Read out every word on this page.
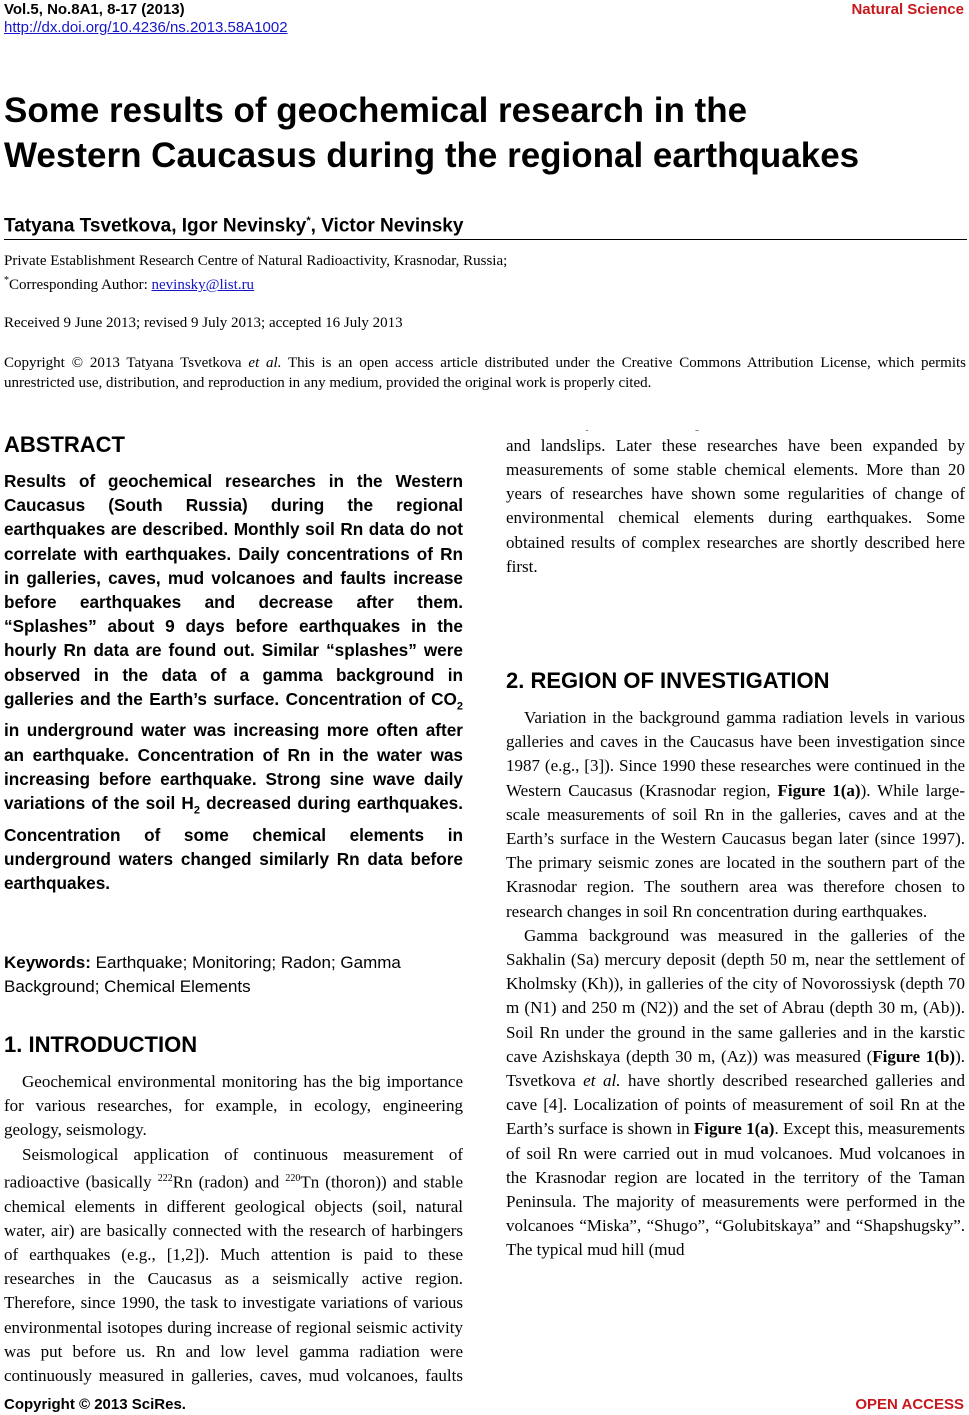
Vol.5, No.8A1, 8-17 (2013)
http://dx.doi.org/10.4236/ns.2013.58A1002
Natural Science
Some results of geochemical research in the
Western Caucasus during the regional earthquakes
Tatyana Tsvetkova, Igor Nevinsky*, Victor Nevinsky
Private Establishment Research Centre of Natural Radioactivity, Krasnodar, Russia;
*Corresponding Author: nevinsky@list.ru
Received 9 June 2013; revised 9 July 2013; accepted 16 July 2013
Copyright © 2013 Tatyana Tsvetkova et al. This is an open access article distributed under the Creative Commons Attribution License, which permits unrestricted use, distribution, and reproduction in any medium, provided the original work is properly cited.
ABSTRACT
Results of geochemical researches in the Western Caucasus (South Russia) during the regional earthquakes are described. Monthly soil Rn data do not correlate with earthquakes. Daily concentrations of Rn in galleries, caves, mud volcanoes and faults increase before earthquakes and decrease after them. “Splashes” about 9 days before earthquakes in the hourly Rn data are found out. Similar “splashes” were observed in the data of a gamma background in galleries and the Earth’s surface. Concentration of $CO_2$ in underground water was increasing more often after an earthquake. Concentration of Rn in the water was increasing before earthquake. Strong sine wave daily variations of the soil $H_2$ decreased during earthquakes. Concentration of some chemical elements in underground waters changed similarly Rn data before earthquakes.
Keywords: Earthquake; Monitoring; Radon; Gamma Background; Chemical Elements
1. INTRODUCTION

Geochemical environmental monitoring has the big importance for various researches, for example, in ecology, engineering geology, seismology.

Seismological application of continuous measurement of radioactive (basically $^{222}$Rn (radon) and $^{220}$Tn (thoron)) and stable chemical elements in different geological objects (soil, natural water, air) are basically connected with the research of harbingers of earthquakes (e.g., [1,2]). Much attention is paid to these researches in the Caucasus as a seismically active region. Therefore, since 1990, the task to investigate variations of various environmental isotopes during increase of regional seismic activity was put before us. Rn and low level gamma radiation were continuously measured in galleries, caves, mud volcanoes, faults

and landslips. Later these researches have been expanded by measurements of some stable chemical elements. More than 20 years of researches have shown some regularities of change of environmental chemical elements during earthquakes. Some obtained results of complex researches are shortly described here first.

2. REGION OF INVESTIGATION

Variation in the background gamma radiation levels in various galleries and caves in the Caucasus have been investigation since 1987 (e.g., [3]). Since 1990 these researches were continued in the Western Caucasus (Krasnodar region, Figure 1(a)). While large-scale measurements of soil Rn in the galleries, caves and at the Earth’s surface in the Western Caucasus began later (since 1997). The primary seismic zones are located in the southern part of the Krasnodar region. The southern area was therefore chosen to research changes in soil Rn concentration during earthquakes.

Gamma background was measured in the galleries of the Sakhalin (Sa) mercury deposit (depth 50 m, near the settlement of Kholmsky (Kh)), in galleries of the city of Novorossiysk (depth 70 m (N1) and 250 m (N2)) and the set of Abrau (depth 30 m, (Ab)). Soil Rn under the ground in the same galleries and in the karstic cave Azishskaya (depth 30 m, (Az)) was measured (Figure 1(b)). Tsvetkova et al. have shortly described researched galleries and cave [4]. Localization of points of measurement of soil Rn at the Earth’s surface is shown in Figure 1(a). Except this, measurements of soil Rn were carried out in mud volcanoes. Mud volcanoes in the Krasnodar region are located in the territory of the Taman Peninsula. The majority of measurements were performed in the volcanoes “Miska”, “Shugo”, “Golubitskaya” and “Shapshugsky”. The typical mud hill (mud

Copyright © 2013 SciRes.	OPEN ACCESS
